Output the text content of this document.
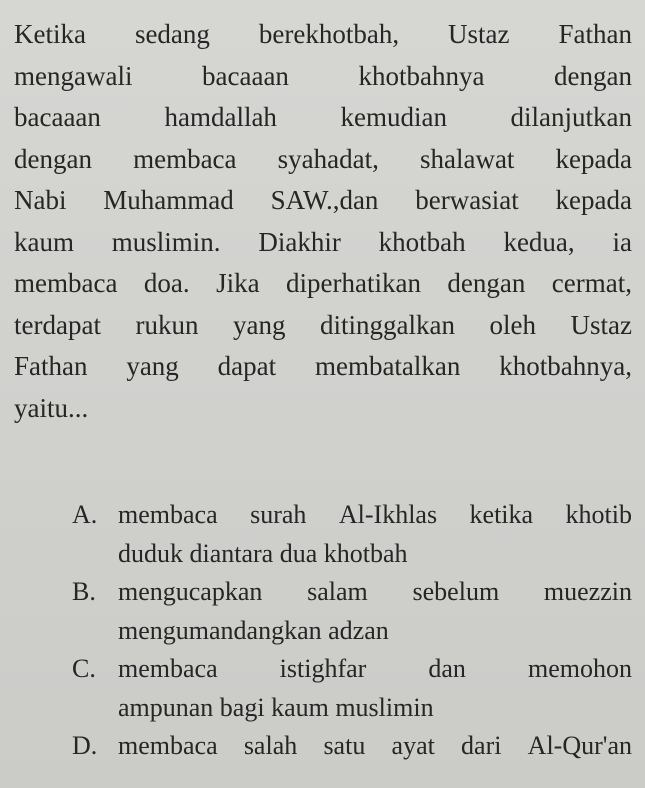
Ketika sedang berekhotbah, Ustaz Fathan
mengawali	bacaaan	khotbahnya	dengan
bacaaan hamdallah kemudian dilanjutkan
dengan membaca syahadat, shalawat kepada
Nabi Muhammad SAW.,dan berwasiat kepada
kaum muslimin. Diakhir khotbah kedua, ia
membaca doa. Jika diperhatikan dengan cermat,
terdapat rukun yang ditinggalkan oleh Ustaz
Fathan yang dapat membatalkan khotbahnya,
yaitu...
A. membaca surah Al-Ikhlas ketika khotib
duduk diantara dua khotbah
B. mengucapkan salam sebelum muezzin
mengumandangkan adzan
C. membaca istighfar dan memohon
ampunan bagi kaum muslimin
D. membaca salah satu ayat dari Al-Qur'an
